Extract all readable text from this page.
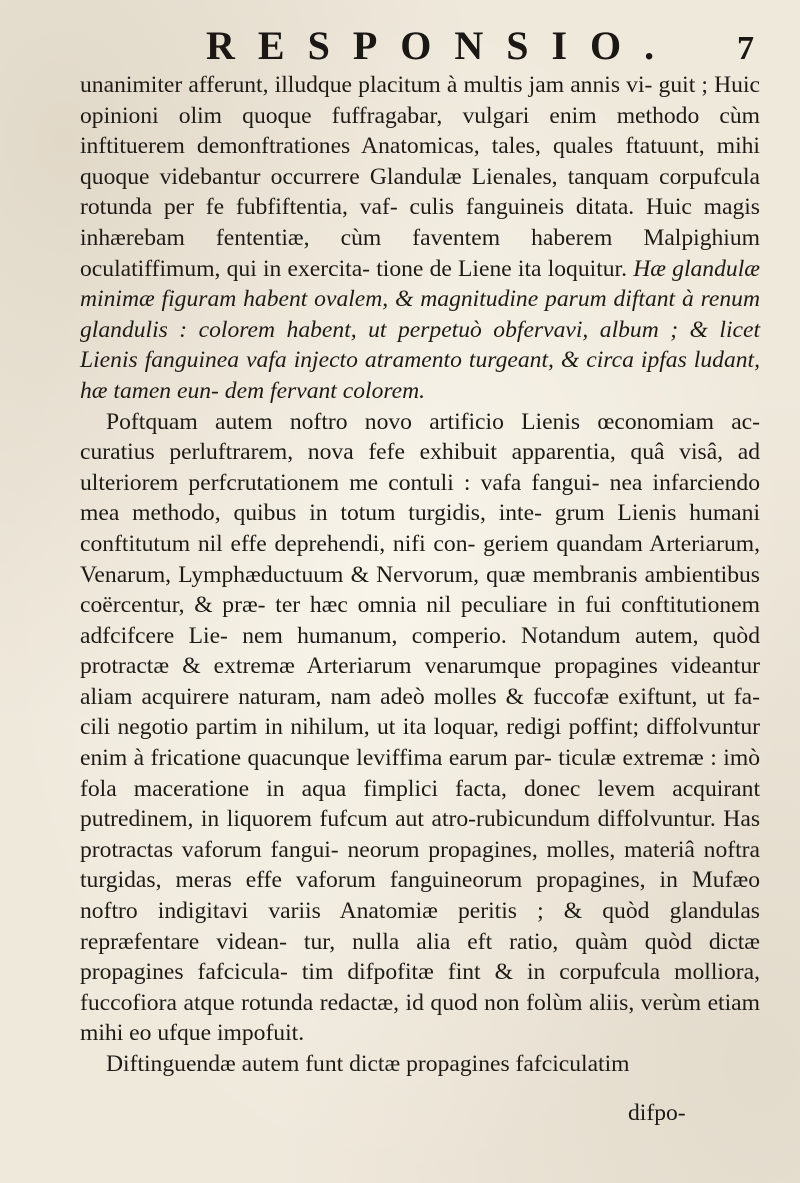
RESPONSIO. 7

unanimiter afferunt, illudque placitum à multis jam annis vi- guit ; Huic opinioni olim quoque fuffragabar, vulgari enim methodo cùm inftituerem demonftrationes Anatomicas, tales, quales ftatuunt, mihi quoque videbantur occurrere Glandulæ Lienales, tanquam corpufcula rotunda per fe fubfiftentia, vaf- culis fanguineis ditata. Huic magis inhærebam fententiæ, cùm faventem haberem Malpighium oculatiffimum, qui in exercita- tione de Liene ita loquitur. Hæ glandulæ minimæ figuram habent ovalem, & magnitudine parum diftant à renum glandulis : colorem habent, ut perpetuò obfervavi, album ; & licet Lienis fanguinea vafa injecto atramento turgeant, & circa ipfas ludant, hæ tamen eun- dem fervant colorem.

Poftquam autem noftro novo artificio Lienis œconomiam ac- curatius perluftrarem, nova fefe exhibuit apparentia, quâ visâ, ad ulteriorem perfcrutationem me contuli : vafa fangui- nea infarciendo mea methodo, quibus in totum turgidis, inte- grum Lienis humani conftitutum nil effe deprehendi, nifi con- geriem quandam Arteriarum, Venarum, Lymphæductuum & Nervorum, quæ membranis ambientibus coërcentur, & præ- ter hæc omnia nil peculiare in fui conftitutionem adfcifcere Lie- nem humanum, comperio. Notandum autem, quòd protractæ & extremæ Arteriarum venarumque propagines videantur aliam acquirere naturam, nam adeò molles & fuccofæ exiftunt, ut fa- cili negotio partim in nihilum, ut ita loquar, redigi poffint; diffolvuntur enim à fricatione quacunque leviffima earum par- ticulæ extremæ : imò fola maceratione in aqua fimplici facta, donec levem acquirant putredinem, in liquorem fufcum aut atro-rubicundum diffolvuntur. Has protractas vaforum fangui- neorum propagines, molles, materiâ noftra turgidas, meras effe vaforum fanguineorum propagines, in Mufæo noftro indigitavi variis Anatomiæ peritis ; & quòd glandulas repræfentare videan- tur, nulla alia eft ratio, quàm quòd dictæ propagines fafcicula- tim difpofitæ fint & in corpufcula molliora, fuccofiora atque rotunda redactæ, id quod non folùm aliis, verùm etiam mihi eo ufque impofuit.

Diftinguendæ autem funt dictæ propagines fafciculatim

difpo-
